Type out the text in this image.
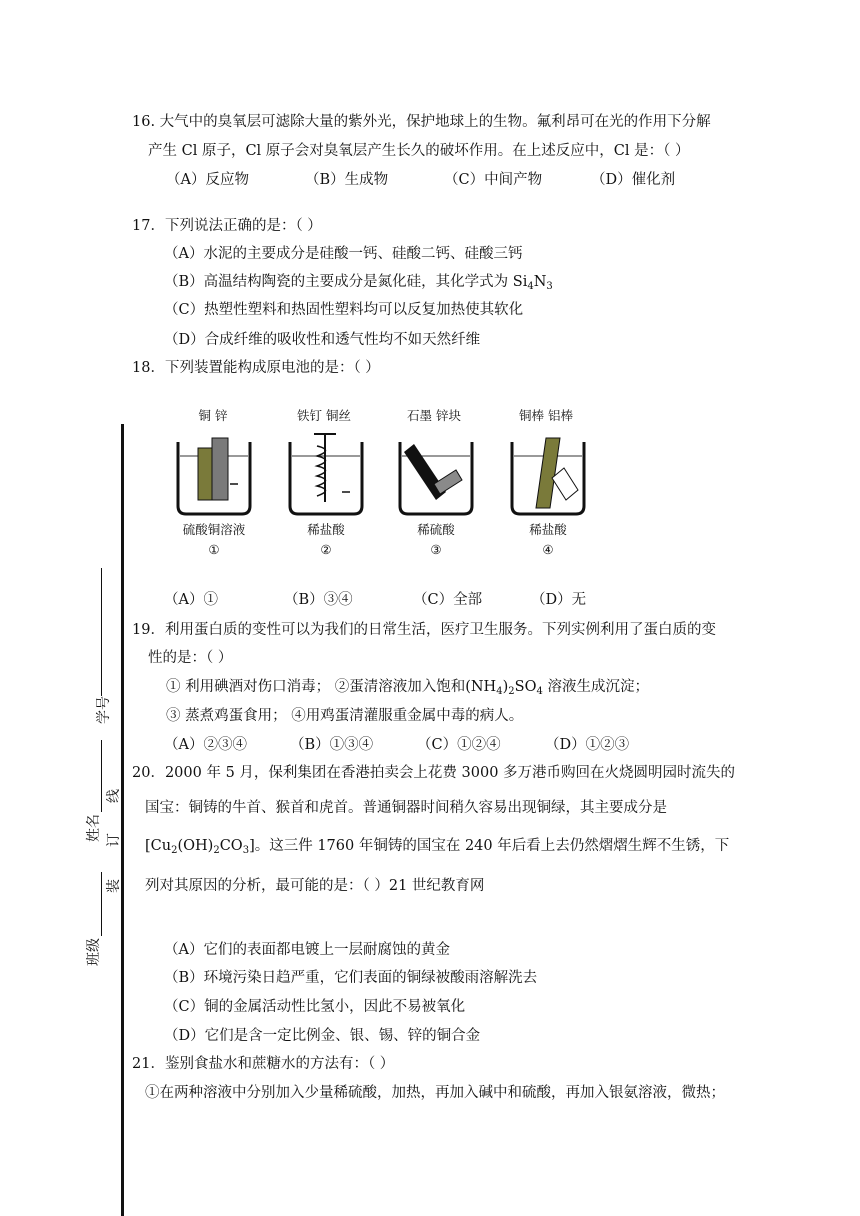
学号
姓名
线
订
装
班级
16. 大气中的臭氧层可滤除大量的紫外光，保护地球上的生物。氟利昂可在光的作用下分解
产生 Cl 原子，Cl 原子会对臭氧层产生长久的破坏作用。在上述反应中，Cl 是：（ ）
（A）反应物	（B）生成物	（C）中间产物	（D）催化剂
17．下列说法正确的是：（ ）
（A）水泥的主要成分是硅酸一钙、硅酸二钙、硅酸三钙
（B）高温结构陶瓷的主要成分是氮化硅，其化学式为 $Si_4N_3$
（C）热塑性塑料和热固性塑料均可以反复加热使其软化
（D）合成纤维的吸收性和透气性均不如天然纤维
18．下列装置能构成原电池的是：（ ）
铜 锌
硫酸铜溶液
①
铁钉 铜丝
稀盐酸
②
石墨 锌块
稀硫酸
③
铜棒 铝棒
稀盐酸
④
（A）①	（B）③④	（C）全部	（D）无
19．利用蛋白质的变性可以为我们的日常生活，医疗卫生服务。下列实例利用了蛋白质的变
性的是：（ ）
① 利用碘酒对伤口消毒； ②蛋清溶液加入饱和$(NH_4)_2SO_4$ 溶液生成沉淀；
③ 蒸煮鸡蛋食用； ④用鸡蛋清灌服重金属中毒的病人。
（A）②③④	（B）①③④	（C）①②④	（D）①②③
20．2000 年 5 月，保利集团在香港拍卖会上花费 3000 多万港币购回在火烧圆明园时流失的
国宝：铜铸的牛首、猴首和虎首。普通铜器时间稍久容易出现铜绿，其主要成分是
$[Cu_2(OH)_2CO_3]$。这三件 1760 年铜铸的国宝在 240 年后看上去仍然熠熠生辉不生锈，下
列对其原因的分析，最可能的是：（ ）21 世纪教育网
（A）它们的表面都电镀上一层耐腐蚀的黄金
（B）环境污染日趋严重，它们表面的铜绿被酸雨溶解洗去
（C）铜的金属活动性比氢小，因此不易被氧化
（D）它们是含一定比例金、银、锡、锌的铜合金
21．鉴别食盐水和蔗糖水的方法有：（ ）
①在两种溶液中分别加入少量稀硫酸，加热，再加入碱中和硫酸，再加入银氨溶液，微热；
